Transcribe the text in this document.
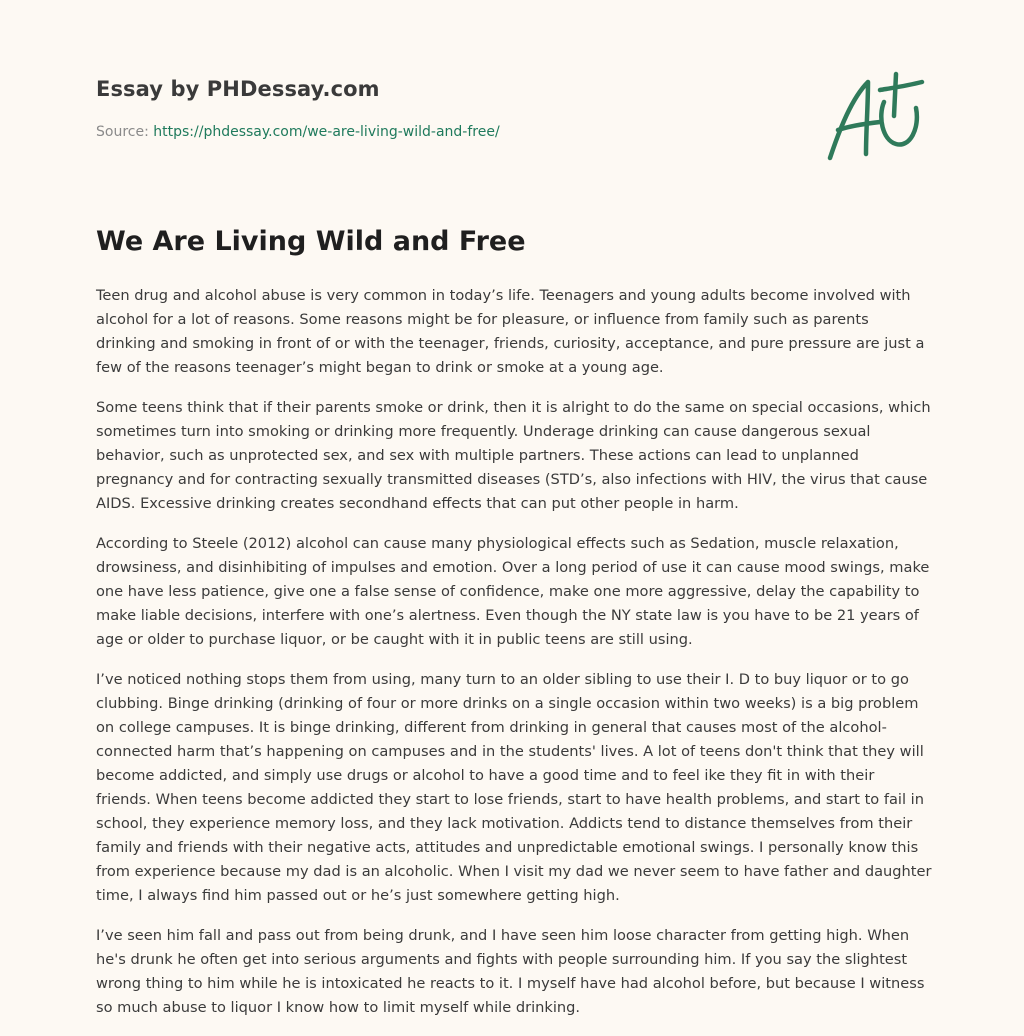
Essay by PHDessay.com
Source: https://phdessay.com/we-are-living-wild-and-free/
We Are Living Wild and Free

Teen drug and alcohol abuse is very common in today’s life. Teenagers and young adults become involved with alcohol for a lot of reasons. Some reasons might be for pleasure, or influence from family such as parents drinking and smoking in front of or with the teenager, friends, curiosity, acceptance, and pure pressure are just a few of the reasons teenager’s might began to drink or smoke at a young age.

Some teens think that if their parents smoke or drink, then it is alright to do the same on special occasions, which sometimes turn into smoking or drinking more frequently. Underage drinking can cause dangerous sexual behavior, such as unprotected sex, and sex with multiple partners. These actions can lead to unplanned pregnancy and for contracting sexually transmitted diseases (STD’s, also infections with HIV, the virus that cause AIDS. Excessive drinking creates secondhand effects that can put other people in harm.

According to Steele (2012) alcohol can cause many physiological effects such as Sedation, muscle relaxation, drowsiness, and disinhibiting of impulses and emotion. Over a long period of use it can cause mood swings, make one have less patience, give one a false sense of confidence, make one more aggressive, delay the capability to make liable decisions, interfere with one’s alertness. Even though the NY state law is you have to be 21 years of age or older to purchase liquor, or be caught with it in public teens are still using.

I’ve noticed nothing stops them from using, many turn to an older sibling to use their I. D to buy liquor or to go clubbing. Binge drinking (drinking of four or more drinks on a single occasion within two weeks) is a big problem on college campuses. It is binge drinking, different from drinking in general that causes most of the alcohol-connected harm that’s happening on campuses and in the students' lives. A lot of teens don't think that they will become addicted, and simply use drugs or alcohol to have a good time and to feel ike they fit in with their friends. When teens become addicted they start to lose friends, start to have health problems, and start to fail in school, they experience memory loss, and they lack motivation. Addicts tend to distance themselves from their family and friends with their negative acts, attitudes and unpredictable emotional swings. I personally know this from experience because my dad is an alcoholic. When I visit my dad we never seem to have father and daughter time, I always find him passed out or he’s just somewhere getting high.

I’ve seen him fall and pass out from being drunk, and I have seen him loose character from getting high. When he's drunk he often get into serious arguments and fights with people surrounding him. If you say the slightest wrong thing to him while he is intoxicated he reacts to it. I myself have had alcohol before, but because I witness so much abuse to liquor I know how to limit myself while drinking.
